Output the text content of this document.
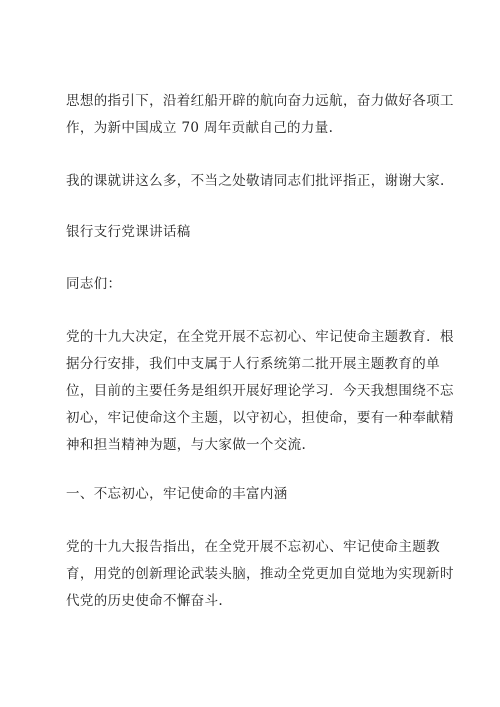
思想的指引下，沿着红船开辟的航向奋力远航，奋力做好各项工
作，为新中国成立 70 周年贡献自己的力量.
我的课就讲这么多，不当之处敬请同志们批评指正，谢谢大家.
银行支行党课讲话稿
同志们：
党的十九大决定，在全党开展不忘初心、牢记使命主题教育．根
据分行安排，我们中支属于人行系统第二批开展主题教育的单
位，目前的主要任务是组织开展好理论学习．今天我想围绕不忘
初心，牢记使命这个主题，以守初心，担使命，要有一种奉献精
神和担当精神为题，与大家做一个交流.
一、不忘初心，牢记使命的丰富内涵
党的十九大报告指出，在全党开展不忘初心、牢记使命主题教
育，用党的创新理论武装头脑，推动全党更加自觉地为实现新时
代党的历史使命不懈奋斗.
